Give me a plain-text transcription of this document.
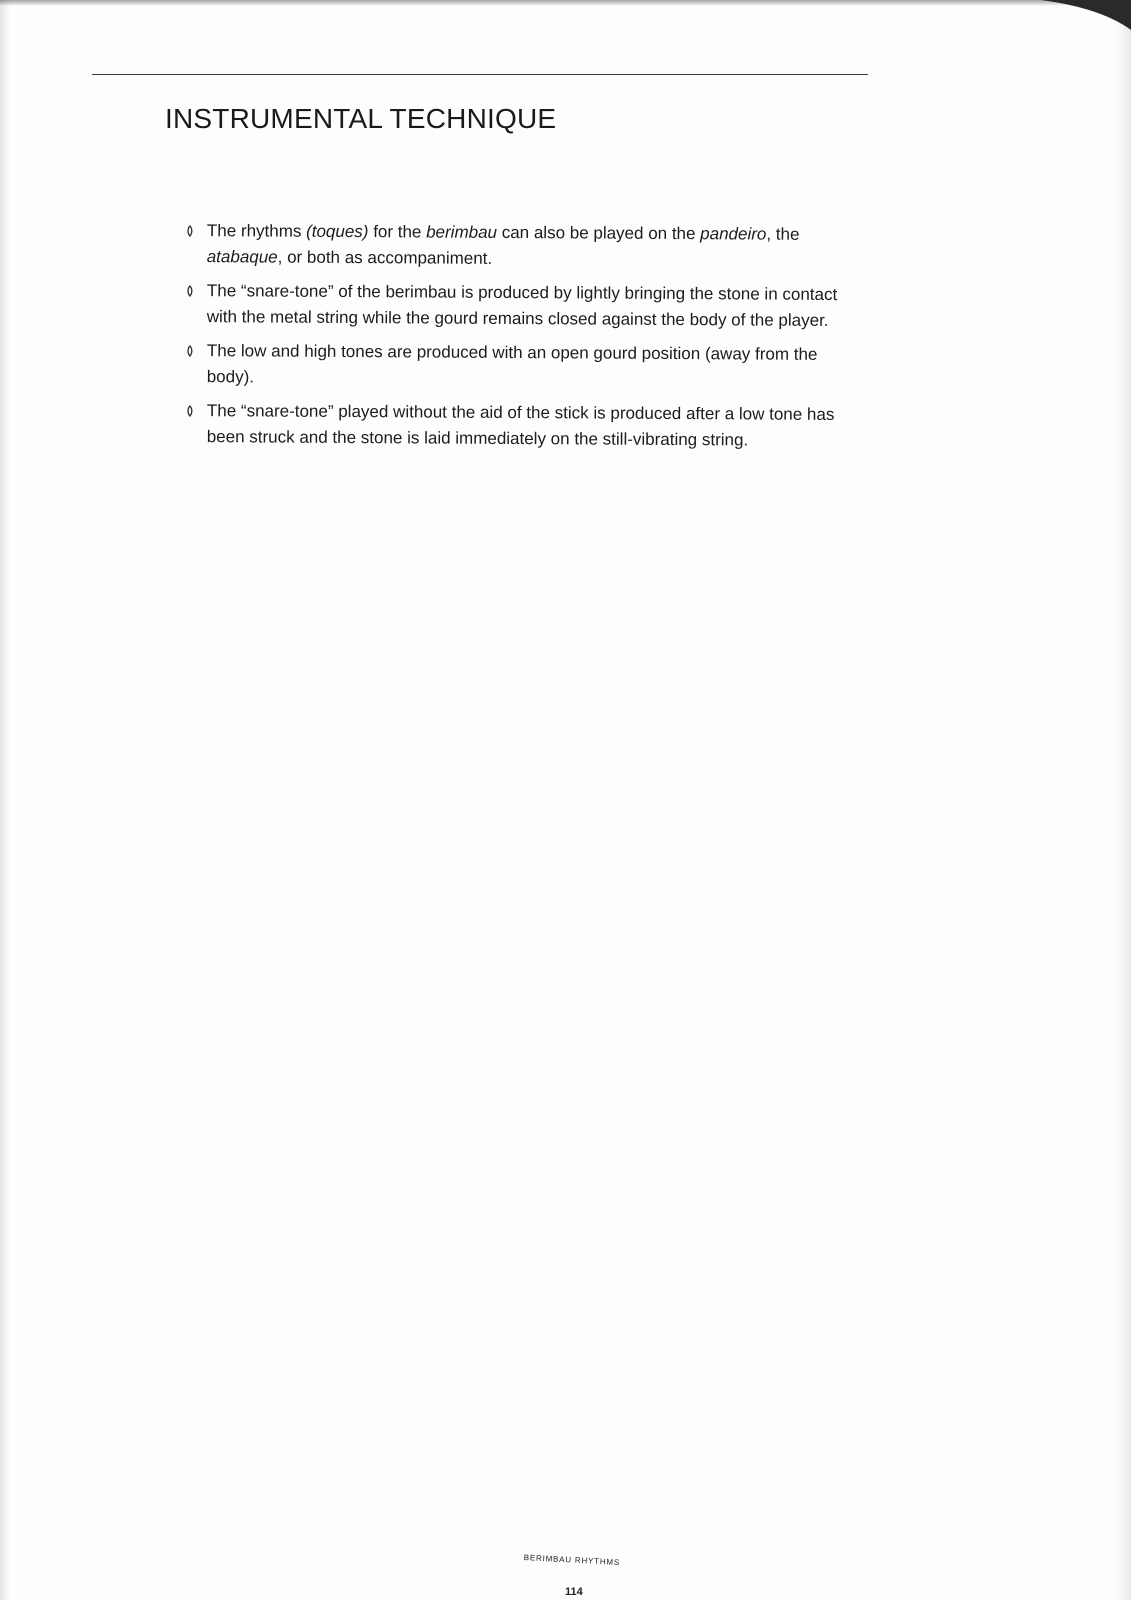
INSTRUMENTAL TECHNIQUE
The rhythms (toques) for the berimbau can also be played on the pandeiro, the atabaque, or both as accompaniment.
The “snare-tone” of the berimbau is produced by lightly bringing the stone in contact with the metal string while the gourd remains closed against the body of the player.
The low and high tones are produced with an open gourd position (away from the body).
The “snare-tone” played without the aid of the stick is produced after a low tone has been struck and the stone is laid immediately on the still-vibrating string.
BERIMBAU RHYTHMS
114
